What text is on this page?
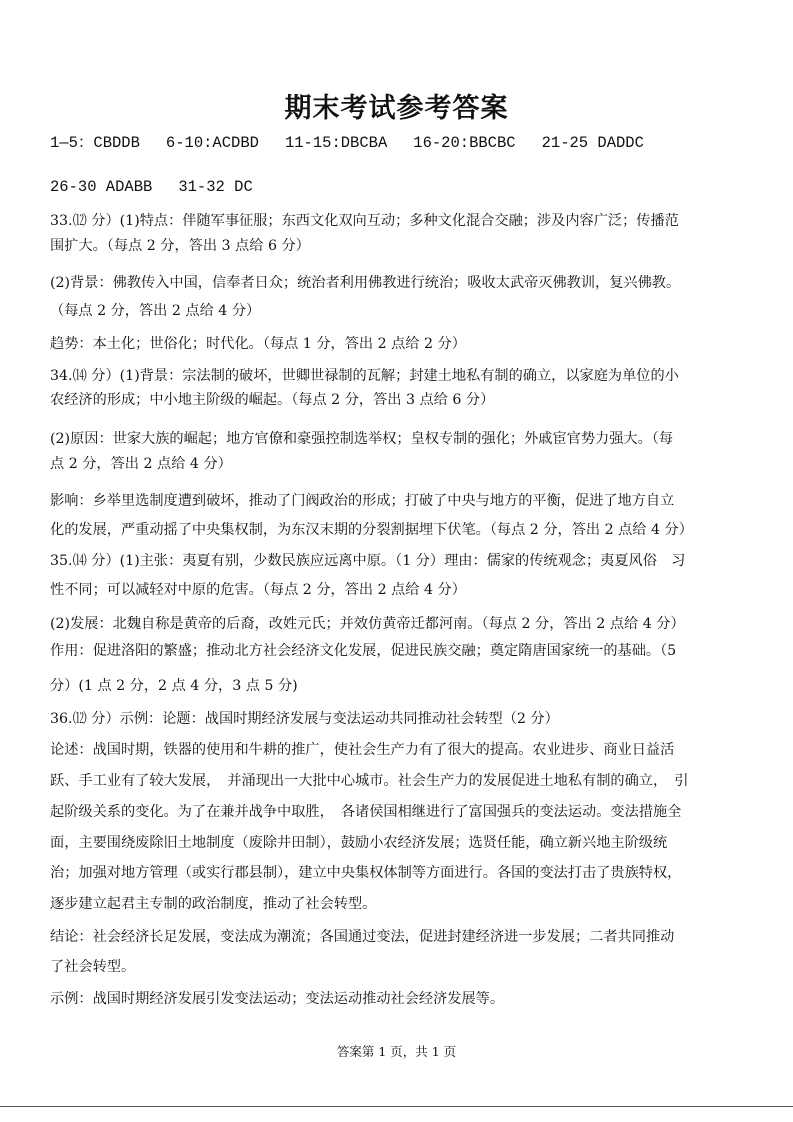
期末考试参考答案
1—5：CBDDB 6-10:ACDBD 11-15:DBCBA 16-20:BBCBC 21-25 DADDC
26-30 ADABB 31-32 DC
33.⑿ 分）(1)特点：伴随军事征服；东西文化双向互动；多种文化混合交融；涉及内容广泛；传播范
围扩大。（每点 2 分，答出 3 点给 6 分）
(2)背景：佛教传入中国，信奉者日众；统治者利用佛教进行统治；吸收太武帝灭佛教训，复兴佛教。
（每点 2 分，答出 2 点给 4 分）
趋势：本土化；世俗化；时代化。（每点 1 分，答出 2 点给 2 分）
34.⒁ 分）(1)背景：宗法制的破坏，世卿世禄制的瓦解；封建土地私有制的确立，以家庭为单位的小
农经济的形成；中小地主阶级的崛起。（每点 2 分，答出 3 点给 6 分）
(2)原因：世家大族的崛起；地方官僚和豪强控制选举权；皇权专制的强化；外戚宦官势力强大。（每
点 2 分，答出 2 点给 4 分）
影响：乡举里选制度遭到破坏，推动了门阀政治的形成；打破了中央与地方的平衡，促进了地方自立
化的发展，严重动摇了中央集权制，为东汉末期的分裂割据埋下伏笔。（每点 2 分，答出 2 点给 4 分）
35.⒁ 分）(1)主张：夷夏有别，少数民族应远离中原。（1 分）理由：儒家的传统观念；夷夏风俗　习
性不同；可以减轻对中原的危害。（每点 2 分，答出 2 点给 4 分）
(2)发展：北魏自称是黄帝的后裔，改姓元氏；并效仿黄帝迁都河南。（每点 2 分，答出 2 点给 4 分）
作用：促进洛阳的繁盛；推动北方社会经济文化发展，促进民族交融；奠定隋唐国家统一的基础。（5
分）(1 点 2 分，2 点 4 分，3 点 5 分)
36.⑿ 分）示例：论题：战国时期经济发展与变法运动共同推动社会转型（2 分）
论述：战国时期，铁器的使用和牛耕的推广，使社会生产力有了很大的提高。农业进步、商业日益活
跃、手工业有了较大发展，　并涌现出一大批中心城市。社会生产力的发展促进土地私有制的确立，　引
起阶级关系的变化。为了在兼并战争中取胜，　各诸侯国相继进行了富国强兵的变法运动。变法措施全
面，主要围绕废除旧土地制度（废除井田制），鼓励小农经济发展；选贤任能，确立新兴地主阶级统
治；加强对地方管理（或实行郡县制），建立中央集权体制等方面进行。各国的变法打击了贵族特权，
逐步建立起君主专制的政治制度，推动了社会转型。
结论：社会经济长足发展，变法成为潮流；各国通过变法，促进封建经济进一步发展；二者共同推动
了社会转型。
示例：战国时期经济发展引发变法运动；变法运动推动社会经济发展等。
答案第 1 页，共 1 页
